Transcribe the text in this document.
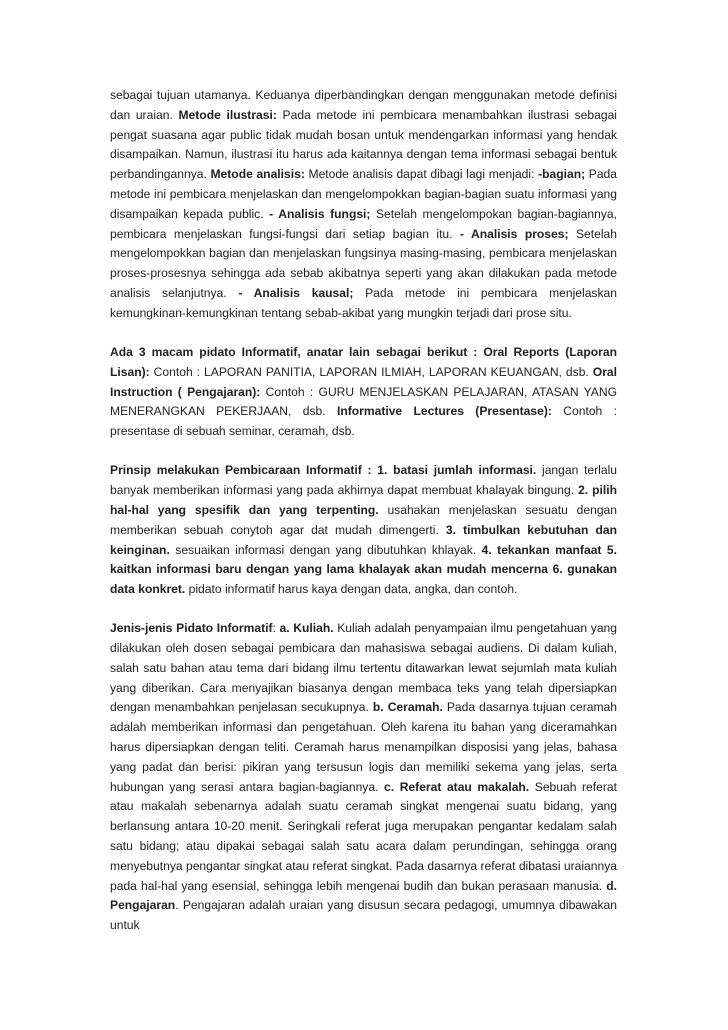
sebagai tujuan utamanya. Keduanya diperbandingkan dengan menggunakan metode definisi dan uraian. Metode ilustrasi: Pada metode ini pembicara menambahkan ilustrasi sebagai pengat suasana agar public tidak mudah bosan untuk mendengarkan informasi yang hendak disampaikan. Namun, ilustrasi itu harus ada kaitannya dengan tema informasi sebagai bentuk perbandingannya. Metode analisis: Metode analisis dapat dibagi lagi menjadi: -bagian; Pada metode ini pembicara menjelaskan dan mengelompokkan bagian-bagian suatu informasi yang disampaikan kepada public. - Analisis fungsi; Setelah mengelompokan bagian-bagiannya, pembicara menjelaskan fungsi-fungsi dari setiap bagian itu. - Analisis proses; Setelah mengelompokkan bagian dan menjelaskan fungsinya masing-masing, pembicara menjelaskan proses-prosesnya sehingga ada sebab akibatnya seperti yang akan dilakukan pada metode analisis selanjutnya. - Analisis kausal; Pada metode ini pembicara menjelaskan kemungkinan-kemungkinan tentang sebab-akibat yang mungkin terjadi dari prose situ.

Ada 3 macam pidato Informatif, anatar lain sebagai berikut : Oral Reports (Laporan Lisan): Contoh : LAPORAN PANITIA, LAPORAN ILMIAH, LAPORAN KEUANGAN, dsb. Oral Instruction ( Pengajaran): Contoh : GURU MENJELASKAN PELAJARAN, ATASAN YANG MENERANGKAN PEKERJAAN, dsb. Informative Lectures (Presentase): Contoh : presentase di sebuah seminar, ceramah, dsb.

Prinsip melakukan Pembicaraan Informatif : 1. batasi jumlah informasi. jangan terlalu banyak memberikan informasi yang pada akhirnya dapat membuat khalayak bingung. 2. pilih hal-hal yang spesifik dan yang terpenting. usahakan menjelaskan sesuatu dengan memberikan sebuah conytoh agar dat mudah dimengerti. 3. timbulkan kebutuhan dan keinginan. sesuaikan informasi dengan yang dibutuhkan khlayak. 4. tekankan manfaat 5. kaitkan informasi baru dengan yang lama khalayak akan mudah mencerna 6. gunakan data konkret. pidato informatif harus kaya dengan data, angka, dan contoh.

Jenis-jenis Pidato Informatif: a. Kuliah. Kuliah adalah penyampaian ilmu pengetahuan yang dilakukan oleh dosen sebagai pembicara dan mahasiswa sebagai audiens. Di dalam kuliah, salah satu bahan atau tema dari bidang ilmu tertentu ditawarkan lewat sejumlah mata kuliah yang diberikan. Cara menyajikan biasanya dengan membaca teks yang telah dipersiapkan dengan menambahkan penjelasan secukupnya. b. Ceramah. Pada dasarnya tujuan ceramah adalah memberikan informasi dan pengetahuan. Oleh karena itu bahan yang diceramahkan harus dipersiapkan dengan teliti. Ceramah harus menampilkan disposisi yang jelas, bahasa yang padat dan berisi: pikiran yang tersusun logis dan memiliki sekema yang jelas, serta hubungan yang serasi antara bagian-bagiannya. c. Referat atau makalah. Sebuah referat atau makalah sebenarnya adalah suatu ceramah singkat mengenai suatu bidang, yang berlansung antara 10-20 menit. Seringkali referat juga merupakan pengantar kedalam salah satu bidang; atau dipakai sebagai salah satu acara dalam perundingan, sehingga orang menyebutnya pengantar singkat atau referat singkat. Pada dasarnya referat dibatasi uraiannya pada hal-hal yang esensial, sehingga lebih mengenai budih dan bukan perasaan manusia. d. Pengajaran. Pengajaran adalah uraian yang disusun secara pedagogi, umumnya dibawakan untuk
